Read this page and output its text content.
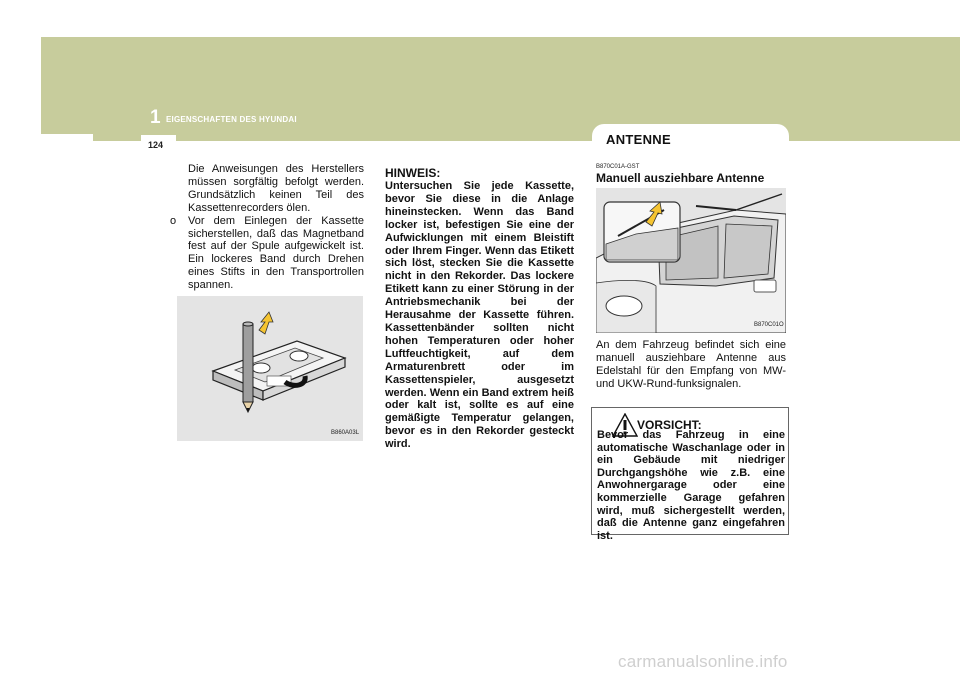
1 EIGENSCHAFTEN DES HYUNDAI
124	ANTENNE

Die Anweisungen des Herstellers müssen sorgfältig befolgt werden. Grundsätzlich keinen Teil des Kassettenrecorders ölen.

o	Vor dem Einlegen der Kassette sicherstellen, daß das Magnetband fest auf der Spule aufgewickelt ist. Ein lockeres Band durch Drehen eines Stifts in den Transportrollen spannen.
B860A03L
HINWEIS:
Untersuchen Sie jede Kassette, bevor Sie diese in die Anlage hineinstecken. Wenn das Band locker ist, befestigen Sie eine der Aufwicklungen mit einem Bleistift oder Ihrem Finger. Wenn das Etikett sich löst, stecken Sie die Kassette nicht in den Rekorder. Das lockere Etikett kann zu einer Störung in der Antriebsmechanik bei der Herausahme der Kassette führen. Kassettenbänder sollten nicht hohen Temperaturen oder hoher Luftfeuchtigkeit, auf dem Armaturenbrett oder im Kassettenspieler, ausgesetzt werden. Wenn ein Band extrem heiß oder kalt ist, sollte es auf eine gemäßigte Temperatur gelangen, bevor es in den Rekorder gesteckt wird.
B870C01A-GST
Manuell ausziehbare Antenne
B870C01O
An dem Fahrzeug befindet sich eine manuell ausziehbare Antenne aus Edelstahl für den Empfang von MW- und UKW-Rund-funksignalen.
VORSICHT:
Bevor das Fahrzeug in eine automatische Waschanlage oder in ein Gebäude mit niedriger Durchgangshöhe wie z.B. eine Anwohnergarage oder eine kommerzielle Garage gefahren wird, muß sichergestellt werden, daß die Antenne ganz eingefahren ist.
carmanualsonline.info
